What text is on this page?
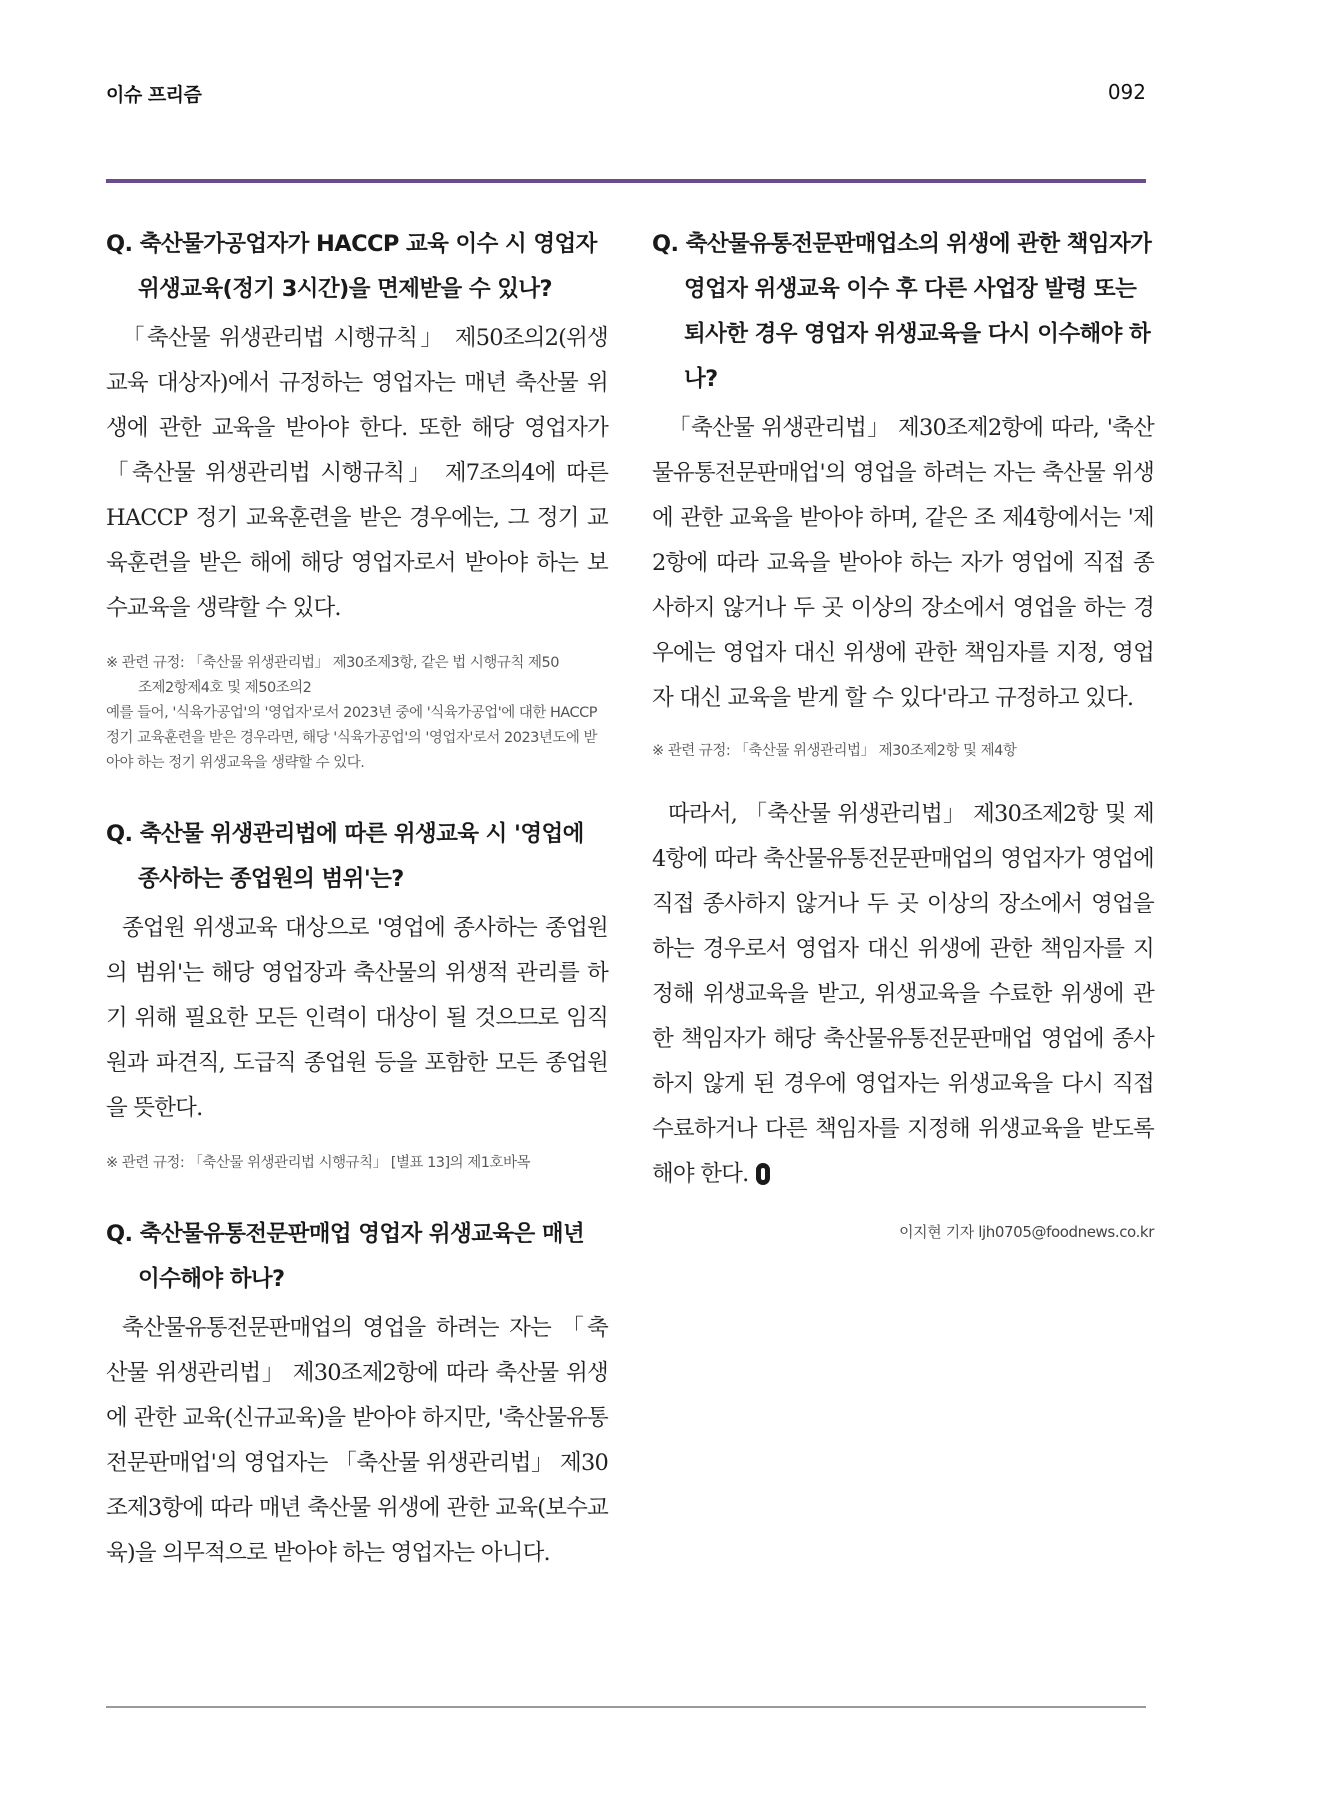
이슈 프리즘	092

Q. 축산물가공업자가 HACCP 교육 이수 시 영업자 위생교육(정기 3시간)을 면제받을 수 있나?

「축산물 위생관리법 시행규칙」 제50조의2(위생교육 대상자)에서 규정하는 영업자는 매년 축산물 위생에 관한 교육을 받아야 한다. 또한 해당 영업자가 「축산물 위생관리법 시행규칙」 제7조의4에 따른 HACCP 정기 교육훈련을 받은 경우에는, 그 정기 교육훈련을 받은 해에 해당 영업자로서 받아야 하는 보수교육을 생략할 수 있다.

※ 관련 규정: 「축산물 위생관리법」 제30조제3항, 같은 법 시행규칙 제50
조제2항제4호 및 제50조의2

예를 들어, '식육가공업'의 '영업자'로서 2023년 중에 '식육가공업'에 대한 HACCP 정기 교육훈련을 받은 경우라면, 해당 '식육가공업'의 '영업자'로서 2023년도에 받아야 하는 정기 위생교육을 생략할 수 있다.

Q. 축산물 위생관리법에 따른 위생교육 시 '영업에 종사하는 종업원의 범위'는?

종업원 위생교육 대상으로 '영업에 종사하는 종업원의 범위'는 해당 영업장과 축산물의 위생적 관리를 하기 위해 필요한 모든 인력이 대상이 될 것으므로 임직원과 파견직, 도급직 종업원 등을 포함한 모든 종업원을 뜻한다.

※ 관련 규정: 「축산물 위생관리법 시행규칙」 [별표 13]의 제1호바목

Q. 축산물유통전문판매업 영업자 위생교육은 매년 이수해야 하나?

축산물유통전문판매업의 영업을 하려는 자는 「축산물 위생관리법」 제30조제2항에 따라 축산물 위생에 관한 교육(신규교육)을 받아야 하지만, '축산물유통전문판매업'의 영업자는 「축산물 위생관리법」 제30조제3항에 따라 매년 축산물 위생에 관한 교육(보수교육)을 의무적으로 받아야 하는 영업자는 아니다.

Q. 축산물유통전문판매업소의 위생에 관한 책임자가 영업자 위생교육 이수 후 다른 사업장 발령 또는 퇴사한 경우 영업자 위생교육을 다시 이수해야 하나?

「축산물 위생관리법」 제30조제2항에 따라, '축산물유통전문판매업'의 영업을 하려는 자는 축산물 위생에 관한 교육을 받아야 하며, 같은 조 제4항에서는 '제2항에 따라 교육을 받아야 하는 자가 영업에 직접 종사하지 않거나 두 곳 이상의 장소에서 영업을 하는 경우에는 영업자 대신 위생에 관한 책임자를 지정, 영업자 대신 교육을 받게 할 수 있다'라고 규정하고 있다.

※ 관련 규정: 「축산물 위생관리법」 제30조제2항 및 제4항

따라서, 「축산물 위생관리법」 제30조제2항 및 제4항에 따라 축산물유통전문판매업의 영업자가 영업에 직접 종사하지 않거나 두 곳 이상의 장소에서 영업을 하는 경우로서 영업자 대신 위생에 관한 책임자를 지정해 위생교육을 받고, 위생교육을 수료한 위생에 관한 책임자가 해당 축산물유통전문판매업 영업에 종사하지 않게 된 경우에 영업자는 위생교육을 다시 직접 수료하거나 다른 책임자를 지정해 위생교육을 받도록 해야 한다.

이지현 기자 ljh0705@foodnews.co.kr
